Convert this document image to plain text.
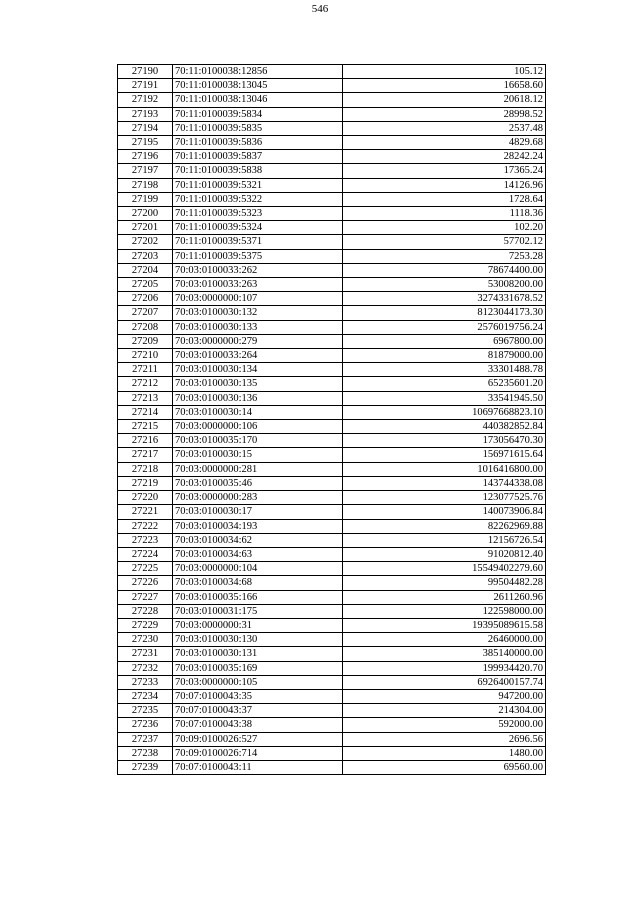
546
27190	70:11:0100038:12856	105.12
27191	70:11:0100038:13045	16658.60
27192	70:11:0100038:13046	20618.12
27193	70:11:0100039:5834	28998.52
27194	70:11:0100039:5835	2537.48
27195	70:11:0100039:5836	4829.68
27196	70:11:0100039:5837	28242.24
27197	70:11:0100039:5838	17365.24
27198	70:11:0100039:5321	14126.96
27199	70:11:0100039:5322	1728.64
27200	70:11:0100039:5323	1118.36
27201	70:11:0100039:5324	102.20
27202	70:11:0100039:5371	57702.12
27203	70:11:0100039:5375	7253.28
27204	70:03:0100033:262	78674400.00
27205	70:03:0100033:263	53008200.00
27206	70:03:0000000:107	3274331678.52
27207	70:03:0100030:132	8123044173.30
27208	70:03:0100030:133	2576019756.24
27209	70:03:0000000:279	6967800.00
27210	70:03:0100033:264	81879000.00
27211	70:03:0100030:134	33301488.78
27212	70:03:0100030:135	65235601.20
27213	70:03:0100030:136	33541945.50
27214	70:03:0100030:14	10697668823.10
27215	70:03:0000000:106	440382852.84
27216	70:03:0100035:170	173056470.30
27217	70:03:0100030:15	156971615.64
27218	70:03:0000000:281	1016416800.00
27219	70:03:0100035:46	143744338.08
27220	70:03:0000000:283	123077525.76
27221	70:03:0100030:17	140073906.84
27222	70:03:0100034:193	82262969.88
27223	70:03:0100034:62	12156726.54
27224	70:03:0100034:63	91020812.40
27225	70:03:0000000:104	15549402279.60
27226	70:03:0100034:68	99504482.28
27227	70:03:0100035:166	2611260.96
27228	70:03:0100031:175	122598000.00
27229	70:03:0000000:31	19395089615.58
27230	70:03:0100030:130	26460000.00
27231	70:03:0100030:131	385140000.00
27232	70:03:0100035:169	199934420.70
27233	70:03:0000000:105	6926400157.74
27234	70:07:0100043:35	947200.00
27235	70:07:0100043:37	214304.00
27236	70:07:0100043:38	592000.00
27237	70:09:0100026:527	2696.56
27238	70:09:0100026:714	1480.00
27239	70:07:0100043:11	69560.00
